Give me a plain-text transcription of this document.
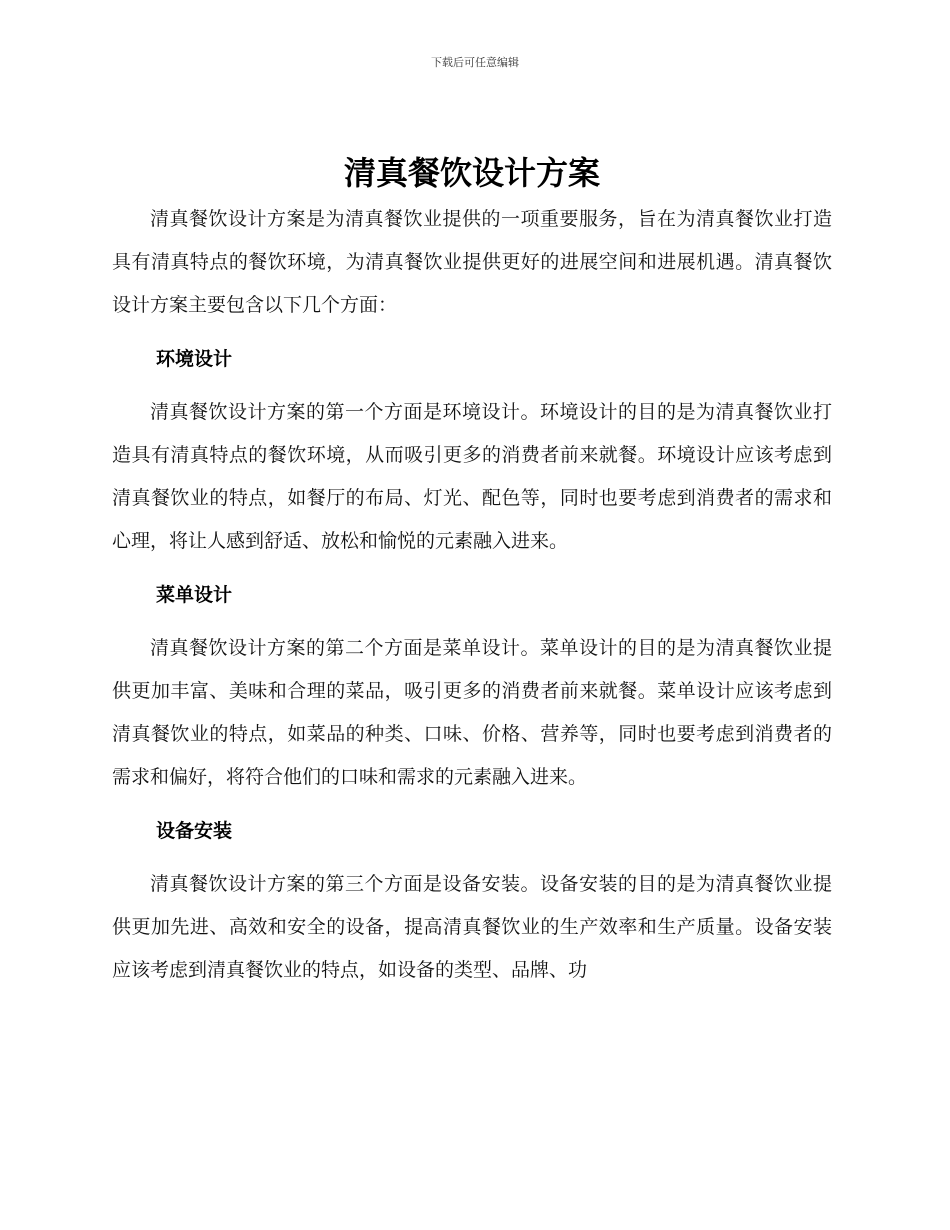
下载后可任意编辑
清真餐饮设计方案

清真餐饮设计方案是为清真餐饮业提供的一项重要服务，旨在为清真餐饮业打造具有清真特点的餐饮环境，为清真餐饮业提供更好的进展空间和进展机遇。清真餐饮设计方案主要包含以下几个方面：

环境设计

清真餐饮设计方案的第一个方面是环境设计。环境设计的目的是为清真餐饮业打造具有清真特点的餐饮环境，从而吸引更多的消费者前来就餐。环境设计应该考虑到清真餐饮业的特点，如餐厅的布局、灯光、配色等，同时也要考虑到消费者的需求和心理，将让人感到舒适、放松和愉悦的元素融入进来。

菜单设计

清真餐饮设计方案的第二个方面是菜单设计。菜单设计的目的是为清真餐饮业提供更加丰富、美味和合理的菜品，吸引更多的消费者前来就餐。菜单设计应该考虑到清真餐饮业的特点，如菜品的种类、口味、价格、营养等，同时也要考虑到消费者的需求和偏好，将符合他们的口味和需求的元素融入进来。

设备安装

清真餐饮设计方案的第三个方面是设备安装。设备安装的目的是为清真餐饮业提供更加先进、高效和安全的设备，提高清真餐饮业的生产效率和生产质量。设备安装应该考虑到清真餐饮业的特点，如设备的类型、品牌、功
